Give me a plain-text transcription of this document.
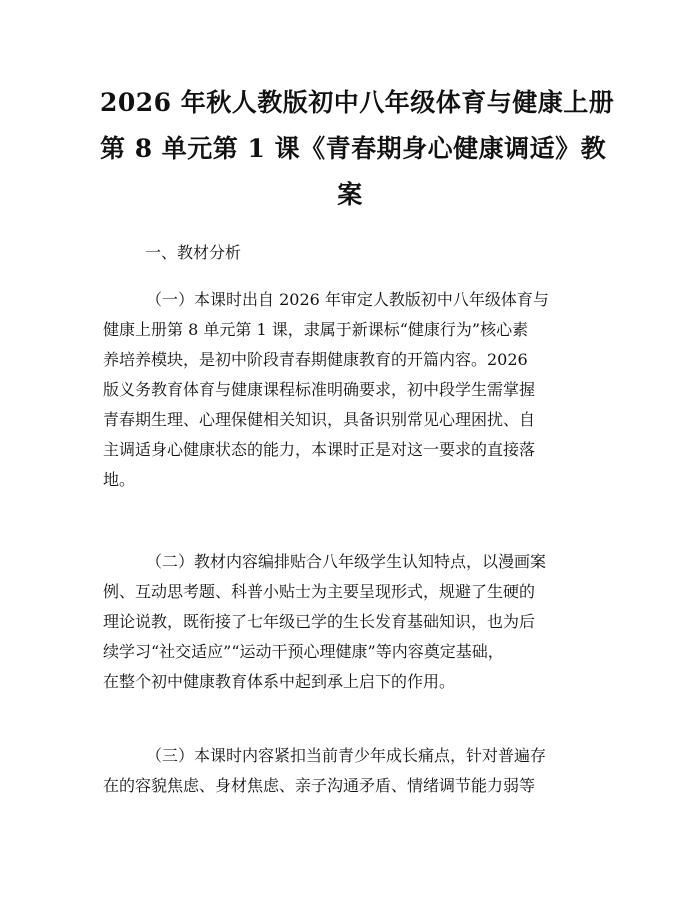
2026 年秋人教版初中八年级体育与健康上册
第 8 单元第 1 课《青春期身心健康调适》教
案
一、教材分析

（一）本课时出自 2026 年审定人教版初中八年级体育与
健康上册第 8 单元第 1 课，隶属于新课标“健康行为”核心素
养培养模块，是初中阶段青春期健康教育的开篇内容。2026
版义务教育体育与健康课程标准明确要求，初中段学生需掌握
青春期生理、心理保健相关知识，具备识别常见心理困扰、自
主调适身心健康状态的能力，本课时正是对这一要求的直接落
地。

（二）教材内容编排贴合八年级学生认知特点，以漫画案
例、互动思考题、科普小贴士为主要呈现形式，规避了生硬的
理论说教，既衔接了七年级已学的生长发育基础知识，也为后
续学习“社交适应”“运动干预心理健康”等内容奠定基础，
在整个初中健康教育体系中起到承上启下的作用。

（三）本课时内容紧扣当前青少年成长痛点，针对普遍存
在的容貌焦虑、身材焦虑、亲子沟通矛盾、情绪调节能力弱等
